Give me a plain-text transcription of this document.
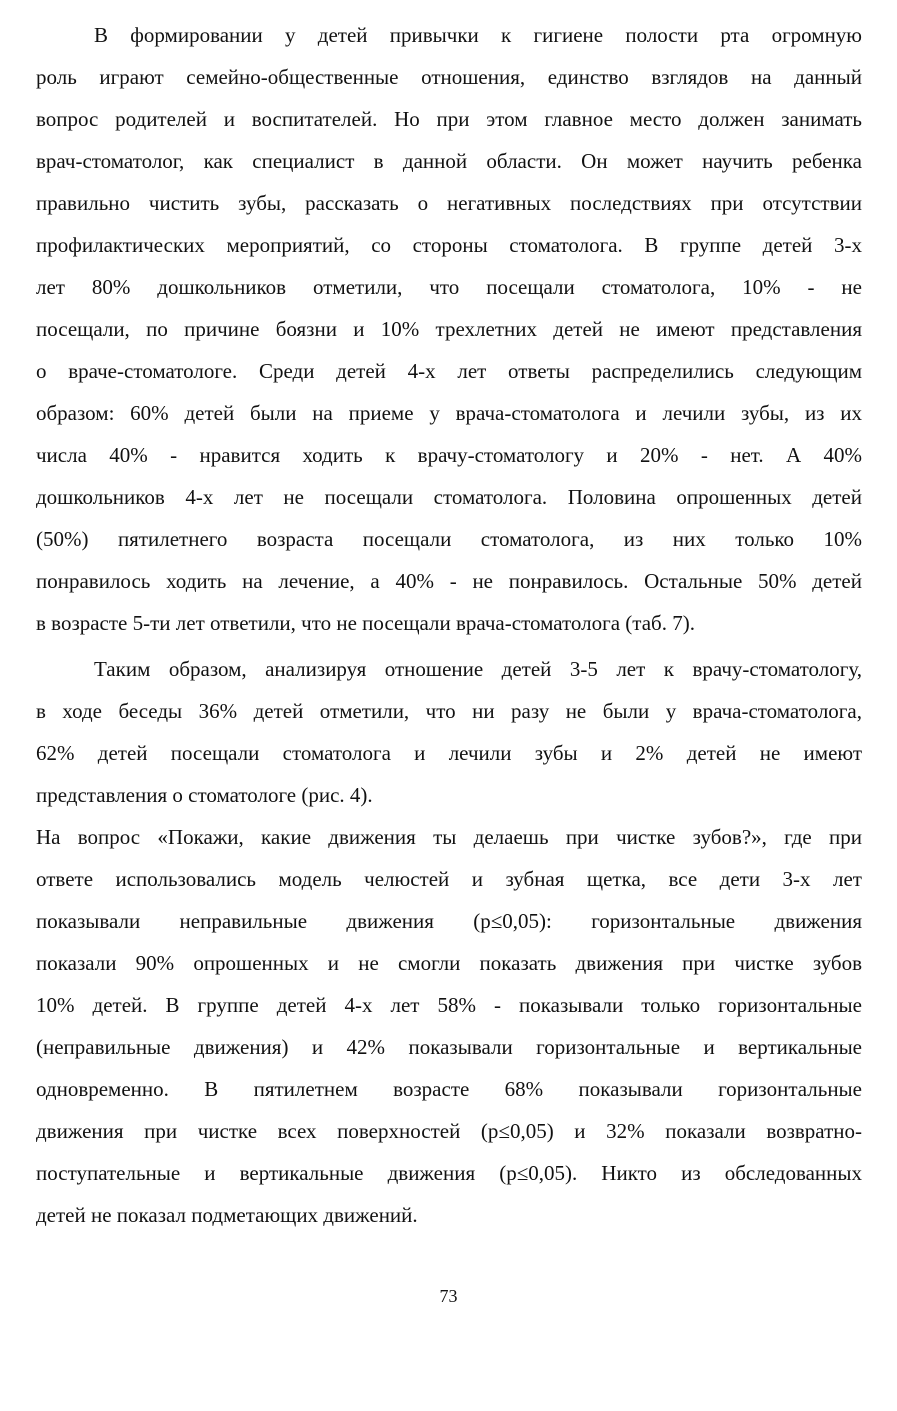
В формировании у детей привычки к гигиене полости рта огромную
роль играют семейно-общественные отношения, единство взглядов на данный
вопрос родителей и воспитателей. Но при этом главное место должен занимать
врач-стоматолог, как специалист в данной области. Он может научить ребенка
правильно чистить зубы, рассказать о негативных последствиях при отсутствии
профилактических мероприятий, со стороны стоматолога. В группе детей 3-х
лет 80% дошкольников отметили, что посещали стоматолога, 10% - не
посещали, по причине боязни и 10% трехлетних детей не имеют представления
о враче-стоматологе. Среди детей 4-х лет ответы распределились следующим
образом: 60% детей были на приеме у врача-стоматолога и лечили зубы, из их
числа 40% - нравится ходить к врачу-стоматологу и 20% - нет. А 40%
дошкольников 4-х лет не посещали стоматолога. Половина опрошенных детей
(50%) пятилетнего возраста посещали стоматолога, из них только 10%
понравилось ходить на лечение, а 40% - не понравилось. Остальные 50% детей
в возрасте 5-ти лет ответили, что не посещали врача-стоматолога (таб. 7).
Таким образом, анализируя отношение детей 3-5 лет к врачу-стоматологу,
в ходе беседы 36% детей отметили, что ни разу не были у врача-стоматолога,
62% детей посещали стоматолога и лечили зубы и 2% детей не имеют
представления о стоматологе (рис. 4).
На вопрос «Покажи, какие движения ты делаешь при чистке зубов?», где при
ответе использовались модель челюстей и зубная щетка, все дети 3-х лет
показывали неправильные движения (p≤0,05): горизонтальные движения
показали 90% опрошенных и не смогли показать движения при чистке зубов
10% детей. В группе детей 4-х лет 58% - показывали только горизонтальные
(неправильные движения) и 42% показывали горизонтальные и вертикальные
одновременно. В пятилетнем возрасте 68% показывали горизонтальные
движения при чистке всех поверхностей (p≤0,05) и 32% показали возвратно-
поступательные и вертикальные движения (p≤0,05). Никто из обследованных
детей не показал подметающих движений.
73
